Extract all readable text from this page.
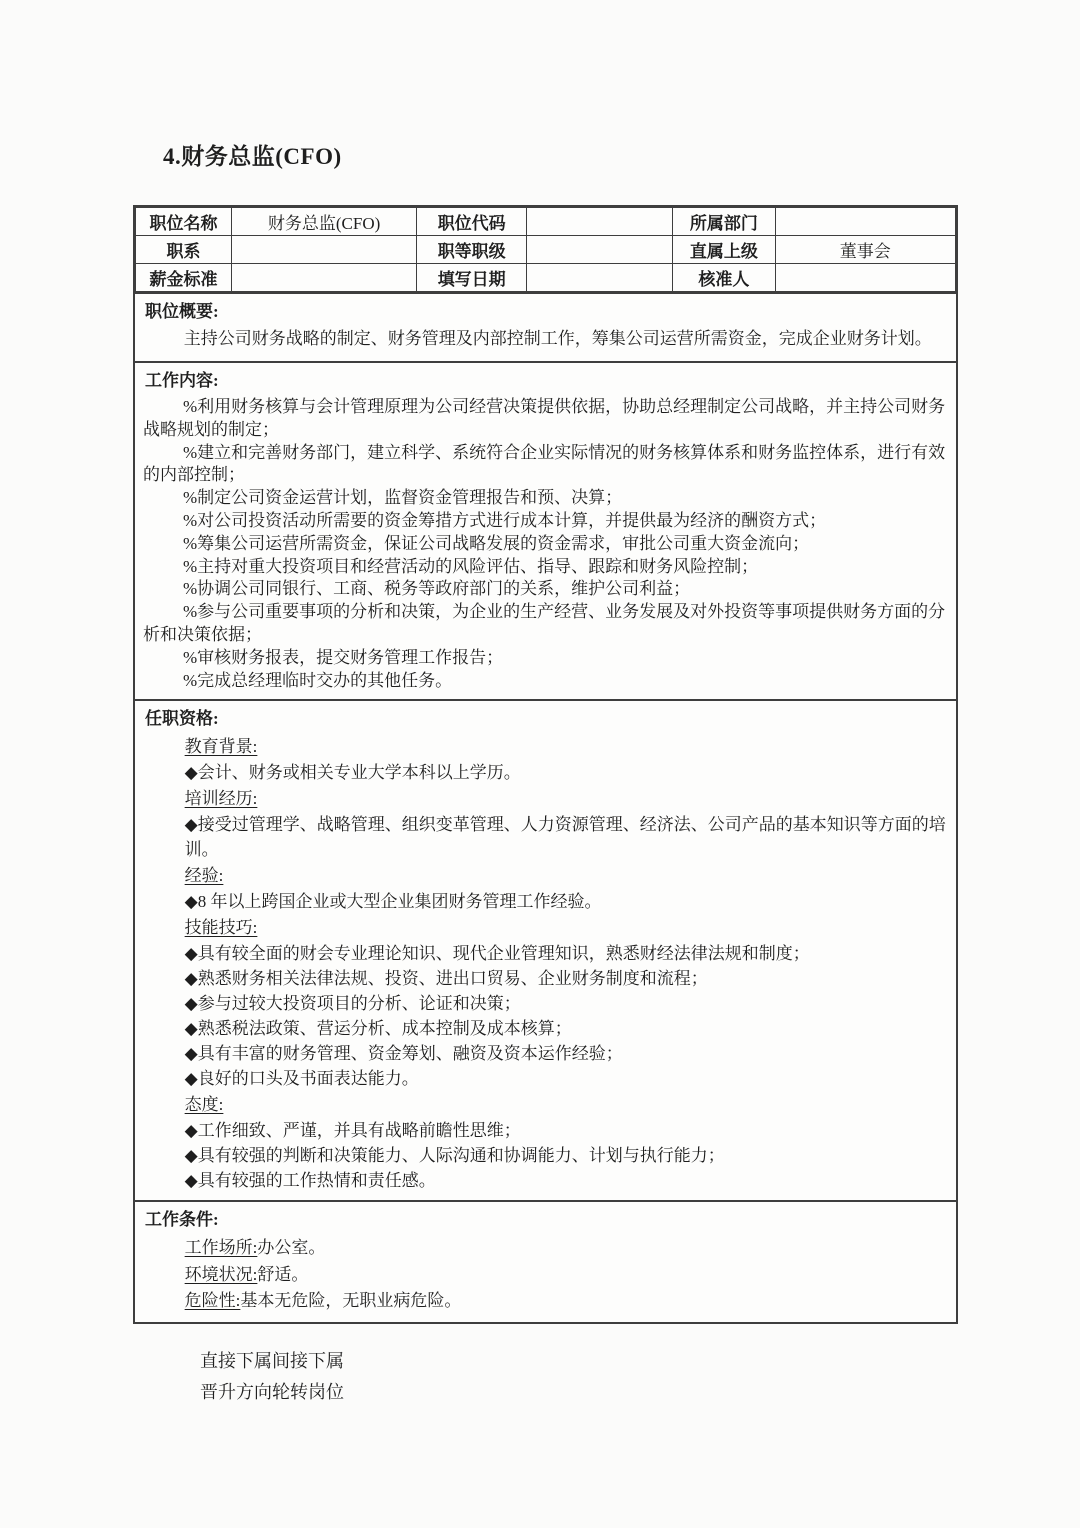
4.财务总监(CFO)
职位名称	财务总监(CFO)	职位代码		所属部门	
职系		职等职级		直属上级	董事会
薪金标准		填写日期		核准人	

职位概要:

主持公司财务战略的制定、财务管理及内部控制工作，筹集公司运营所需资金，完成企业财务计划。

工作内容:

%利用财务核算与会计管理原理为公司经营决策提供依据，协助总经理制定公司战略，并主持公司财务战略规划的制定；

%建立和完善财务部门，建立科学、系统符合企业实际情况的财务核算体系和财务监控体系，进行有效的内部控制；

%制定公司资金运营计划，监督资金管理报告和预、决算；

%对公司投资活动所需要的资金筹措方式进行成本计算，并提供最为经济的酬资方式；

%筹集公司运营所需资金，保证公司战略发展的资金需求，审批公司重大资金流向；

%主持对重大投资项目和经营活动的风险评估、指导、跟踪和财务风险控制；

%协调公司同银行、工商、税务等政府部门的关系，维护公司利益；

%参与公司重要事项的分析和决策，为企业的生产经营、业务发展及对外投资等事项提供财务方面的分析和决策依据；

%审核财务报表，提交财务管理工作报告；

%完成总经理临时交办的其他任务。

任职资格:

教育背景:

◆会计、财务或相关专业大学本科以上学历。

培训经历:

◆接受过管理学、战略管理、组织变革管理、人力资源管理、经济法、公司产品的基本知识等方面的培训。

经验:

◆8 年以上跨国企业或大型企业集团财务管理工作经验。

技能技巧:

◆具有较全面的财会专业理论知识、现代企业管理知识，熟悉财经法律法规和制度；

◆熟悉财务相关法律法规、投资、进出口贸易、企业财务制度和流程；

◆参与过较大投资项目的分析、论证和决策；

◆熟悉税法政策、营运分析、成本控制及成本核算；

◆具有丰富的财务管理、资金筹划、融资及资本运作经验；

◆良好的口头及书面表达能力。

态度:

◆工作细致、严谨，并具有战略前瞻性思维；

◆具有较强的判断和决策能力、人际沟通和协调能力、计划与执行能力；

◆具有较强的工作热情和责任感。

工作条件:

工作场所:办公室。

环境状况:舒适。

危险性:基本无危险，无职业病危险。

直接下属间接下属

晋升方向轮转岗位
